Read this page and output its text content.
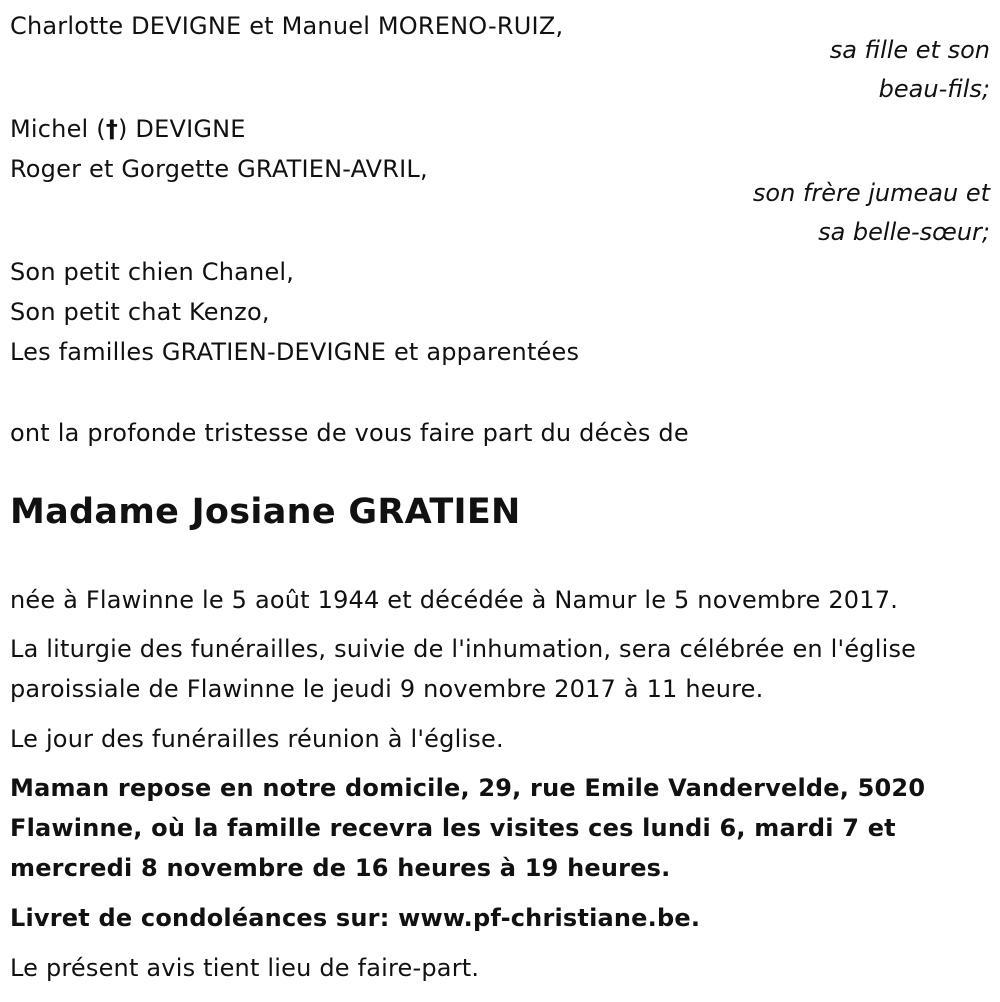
Charlotte DEVIGNE et Manuel MORENO-RUIZ,
sa fille et son
beau-fils;
Michel (†) DEVIGNE
Roger et Gorgette GRATIEN-AVRIL,
son frère jumeau et
sa belle-sœur;
Son petit chien Chanel,
Son petit chat Kenzo,
Les familles GRATIEN-DEVIGNE et apparentées
ont la profonde tristesse de vous faire part du décès de
Madame Josiane GRATIEN
née à Flawinne le 5 août 1944 et décédée à Namur le 5 novembre 2017.
La liturgie des funérailles, suivie de l'inhumation, sera célébrée en l'église
paroissiale de Flawinne le jeudi 9 novembre 2017 à 11 heure.
Le jour des funérailles réunion à l'église.
Maman repose en notre domicile, 29, rue Emile Vandervelde, 5020
Flawinne, où la famille recevra les visites ces lundi 6, mardi 7 et
mercredi 8 novembre de 16 heures à 19 heures.
Livret de condoléances sur: www.pf-christiane.be.
Le présent avis tient lieu de faire-part.
